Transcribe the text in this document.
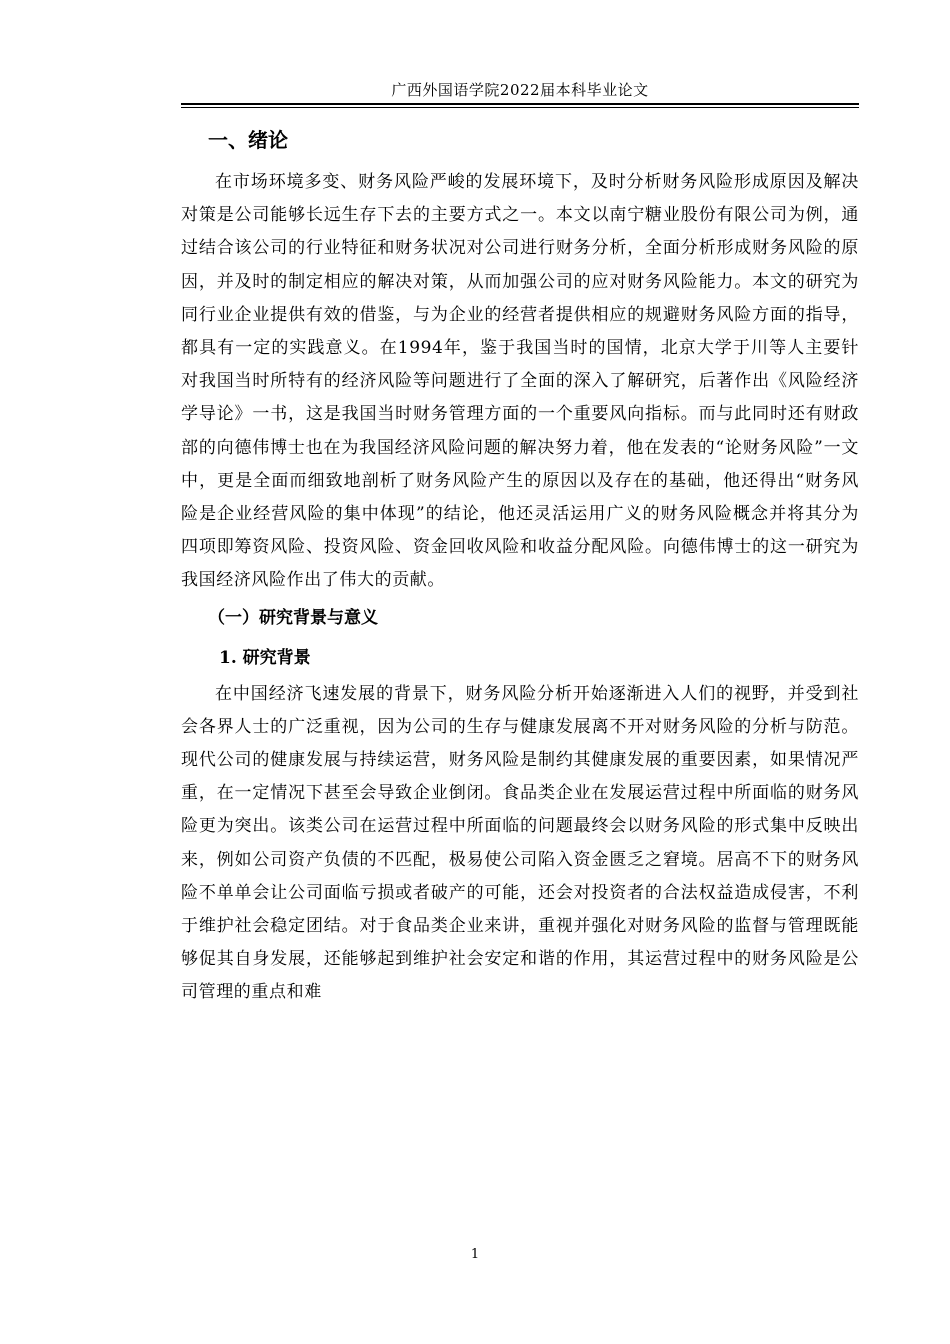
广西外国语学院2022届本科毕业论文
一、绪论

在市场环境多变、财务风险严峻的发展环境下，及时分析财务风险形成原因及解决对策是公司能够长远生存下去的主要方式之一。本文以南宁糖业股份有限公司为例，通过结合该公司的行业特征和财务状况对公司进行财务分析，全面分析形成财务风险的原因，并及时的制定相应的解决对策，从而加强公司的应对财务风险能力。本文的研究为同行业企业提供有效的借鉴，与为企业的经营者提供相应的规避财务风险方面的指导，都具有一定的实践意义。在1994年，鉴于我国当时的国情，北京大学于川等人主要针对我国当时所特有的经济风险等问题进行了全面的深入了解研究，后著作出《风险经济学导论》一书，这是我国当时财务管理方面的一个重要风向指标。而与此同时还有财政部的向德伟博士也在为我国经济风险问题的解决努力着，他在发表的“论财务风险”一文中，更是全面而细致地剖析了财务风险产生的原因以及存在的基础，他还得出“财务风险是企业经营风险的集中体现”的结论，他还灵活运用广义的财务风险概念并将其分为四项即筹资风险、投资风险、资金回收风险和收益分配风险。向德伟博士的这一研究为我国经济风险作出了伟大的贡献。

（一）研究背景与意义
1. 研究背景

在中国经济飞速发展的背景下，财务风险分析开始逐渐进入人们的视野，并受到社会各界人士的广泛重视，因为公司的生存与健康发展离不开对财务风险的分析与防范。现代公司的健康发展与持续运营，财务风险是制约其健康发展的重要因素，如果情况严重，在一定情况下甚至会导致企业倒闭。食品类企业在发展运营过程中所面临的财务风险更为突出。该类公司在运营过程中所面临的问题最终会以财务风险的形式集中反映出来，例如公司资产负债的不匹配，极易使公司陷入资金匮乏之窘境。居高不下的财务风险不单单会让公司面临亏损或者破产的可能，还会对投资者的合法权益造成侵害，不利于维护社会稳定团结。对于食品类企业来讲，重视并强化对财务风险的监督与管理既能够促其自身发展，还能够起到维护社会安定和谐的作用，其运营过程中的财务风险是公司管理的重点和难

1
